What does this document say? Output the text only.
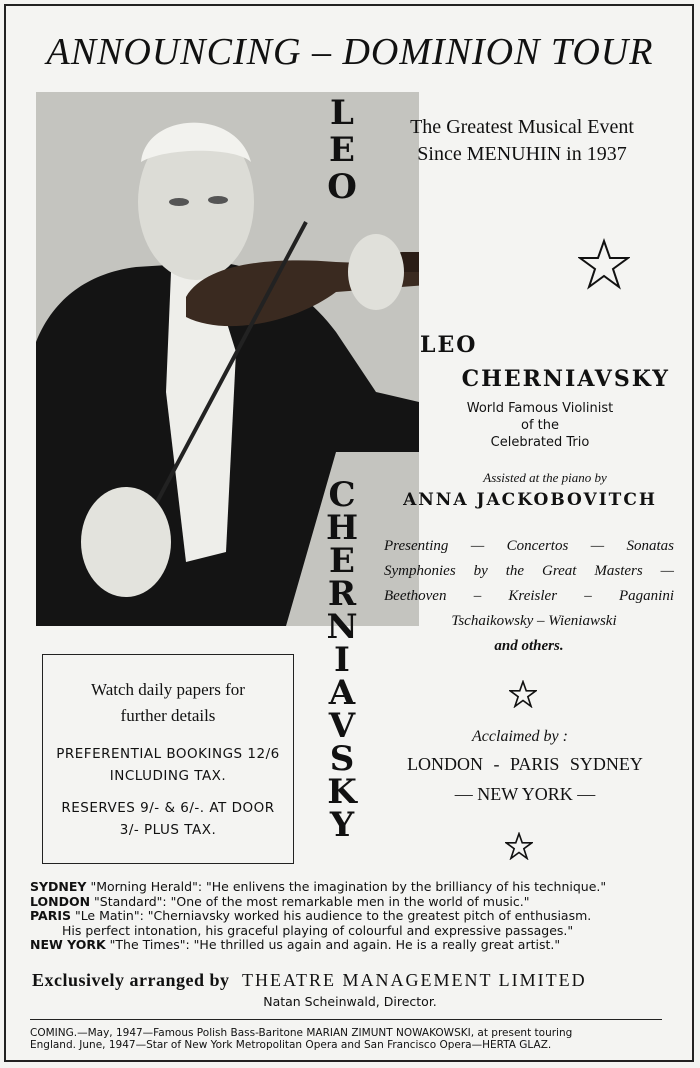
ANNOUNCING – DOMINION TOUR
L
E
O
C
H
E
R
N
I
A
V
S
K
Y
The Greatest Musical Event
Since MENUHIN in 1937
LEO
CHERNIAVSKY
World Famous Violinist
of the
Celebrated Trio
Assisted at the piano by
ANNA JACKOBOVITCH
Presenting — Concertos — Sonatas
Symphonies by the Great Masters —
Beethoven – Kreisler – Paganini
Tschaikowsky – Wieniawski
and others.
Acclaimed by :
LONDON - PARIS SYDNEY
— NEW YORK —
Watch daily papers for
further details
PREFERENTIAL BOOKINGS 12/6
INCLUDING TAX.
RESERVES 9/- & 6/-. AT DOOR
3/- PLUS TAX.
SYDNEY "Morning Herald": "He enlivens the imagination by the brilliancy of his technique."
LONDON "Standard": "One of the most remarkable men in the world of music."
PARIS "Le Matin": "Cherniavsky worked his audience to the greatest pitch of enthusiasm.
His perfect intonation, his graceful playing of colourful and expressive passages."
NEW YORK "The Times": "He thrilled us again and again. He is a really great artist."
Exclusively arranged by THEATRE MANAGEMENT LIMITED
Natan Scheinwald, Director.
COMING.—May, 1947—Famous Polish Bass-Baritone MARIAN ZIMUNT NOWAKOWSKI, at present touring
England. June, 1947—Star of New York Metropolitan Opera and San Francisco Opera—HERTA GLAZ.
